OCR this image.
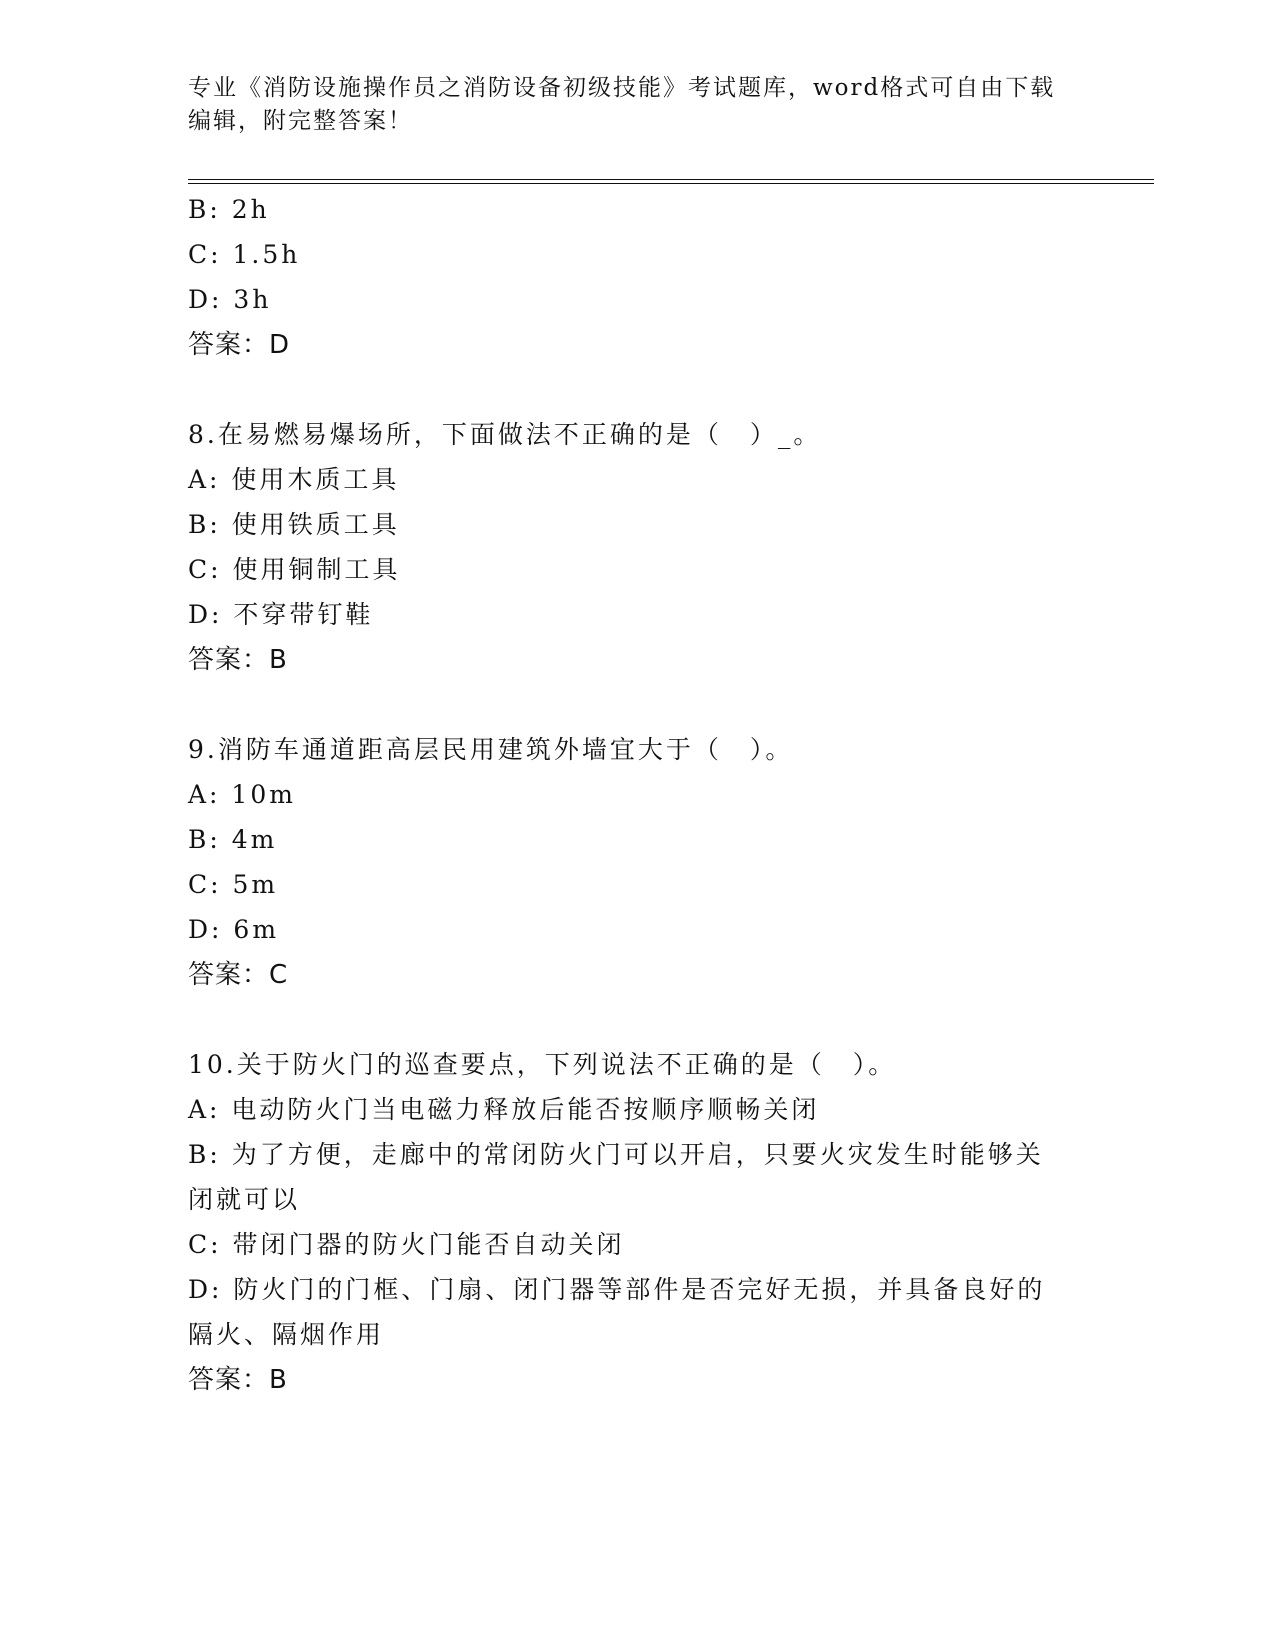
专业《消防设施操作员之消防设备初级技能》考试题库，word格式可自由下载编辑，附完整答案！
B: 2h
C: 1.5h
D: 3h
答案：D
8.在易燃易爆场所，下面做法不正确的是（　）_。
A: 使用木质工具
B: 使用铁质工具
C: 使用铜制工具
D: 不穿带钉鞋
答案：B
9.消防车通道距高层民用建筑外墙宜大于（　）。
A: 10m
B: 4m
C: 5m
D: 6m
答案：C
10.关于防火门的巡查要点，下列说法不正确的是（　）。
A: 电动防火门当电磁力释放后能否按顺序顺畅关闭
B: 为了方便，走廊中的常闭防火门可以开启，只要火灾发生时能够关闭就可以
C: 带闭门器的防火门能否自动关闭
D: 防火门的门框、门扇、闭门器等部件是否完好无损，并具备良好的隔火、隔烟作用
答案：B
